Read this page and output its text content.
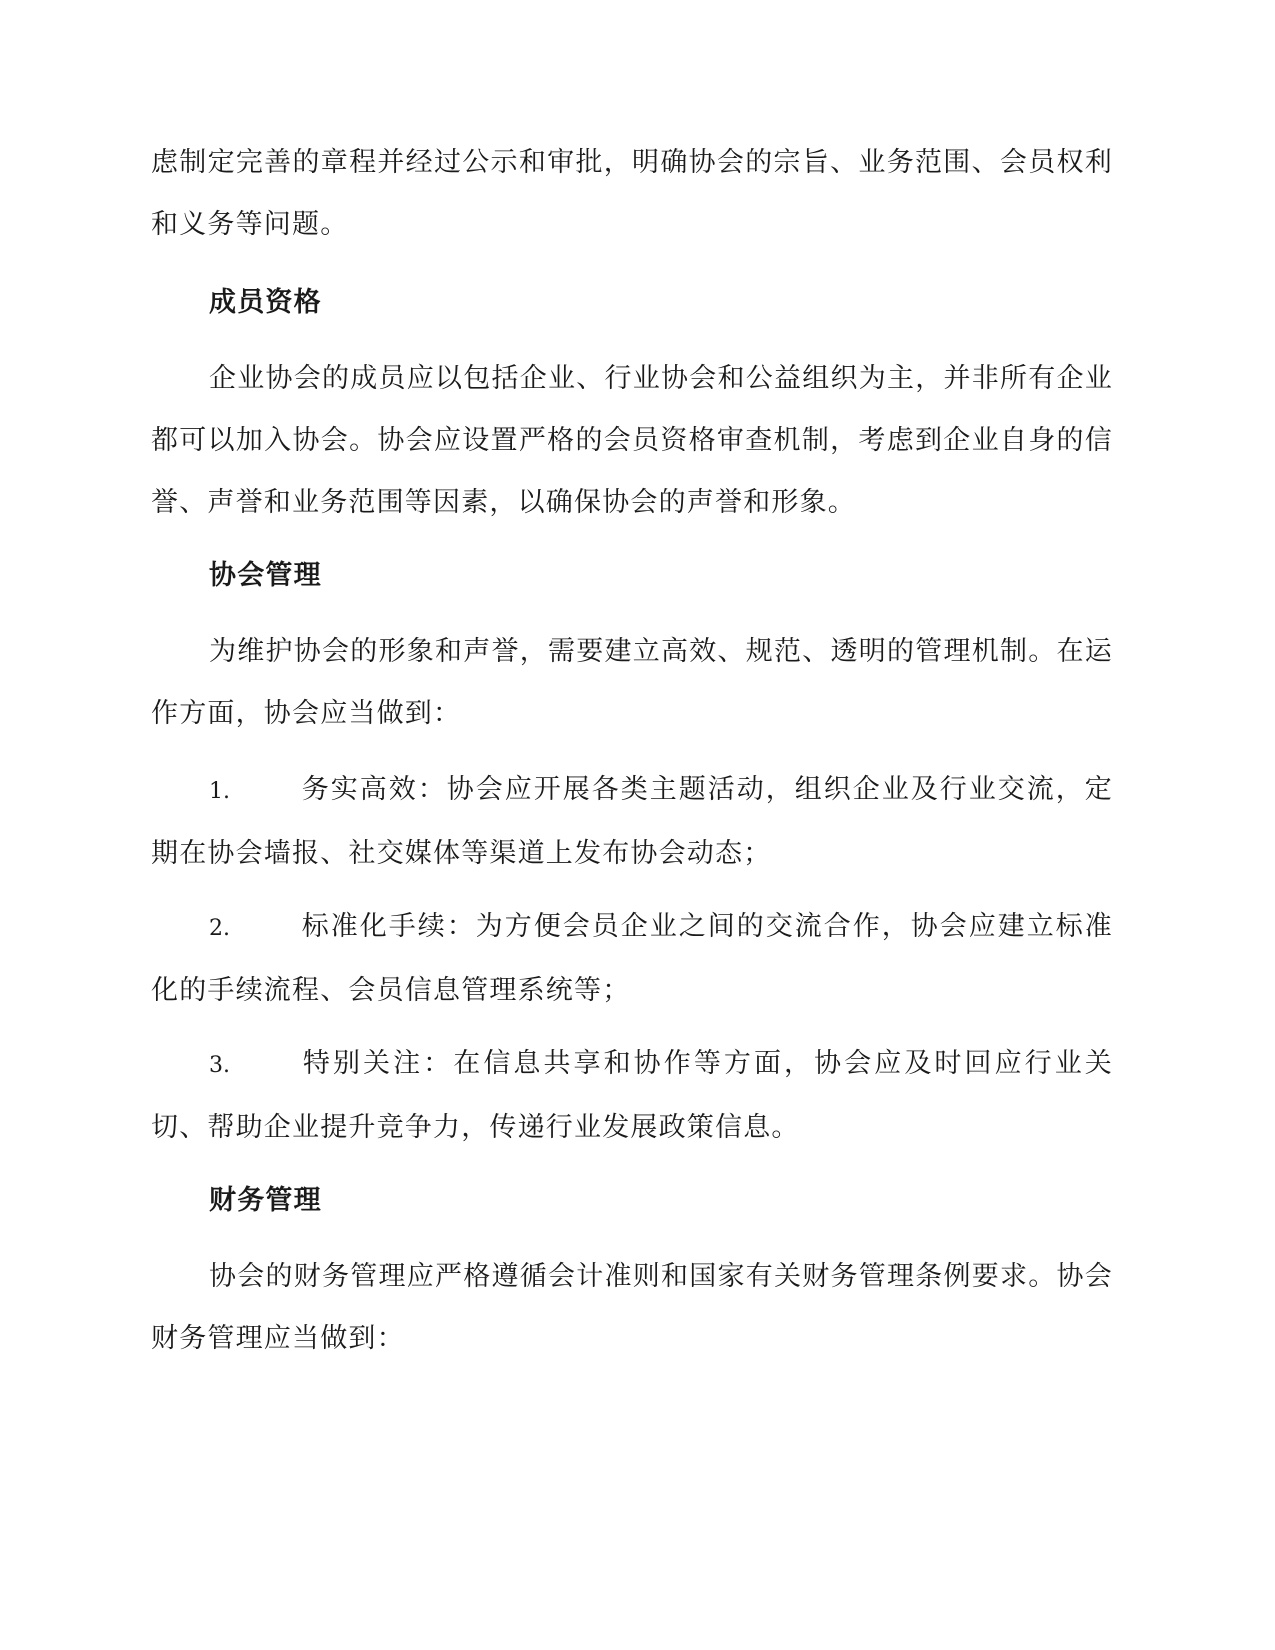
虑制定完善的章程并经过公示和审批，明确协会的宗旨、业务范围、会员权利和义务等问题。

成员资格

企业协会的成员应以包括企业、行业协会和公益组织为主，并非所有企业都可以加入协会。协会应设置严格的会员资格审查机制，考虑到企业自身的信誉、声誉和业务范围等因素，以确保协会的声誉和形象。

协会管理

为维护协会的形象和声誉，需要建立高效、规范、透明的管理机制。在运作方面，协会应当做到：

1.	务实高效：协会应开展各类主题活动，组织企业及行业交流，定期在协会墙报、社交媒体等渠道上发布协会动态；

2.	标准化手续：为方便会员企业之间的交流合作，协会应建立标准化的手续流程、会员信息管理系统等；

3.	特别关注：在信息共享和协作等方面，协会应及时回应行业关切、帮助企业提升竞争力，传递行业发展政策信息。

财务管理

协会的财务管理应严格遵循会计准则和国家有关财务管理条例要求。协会财务管理应当做到：
